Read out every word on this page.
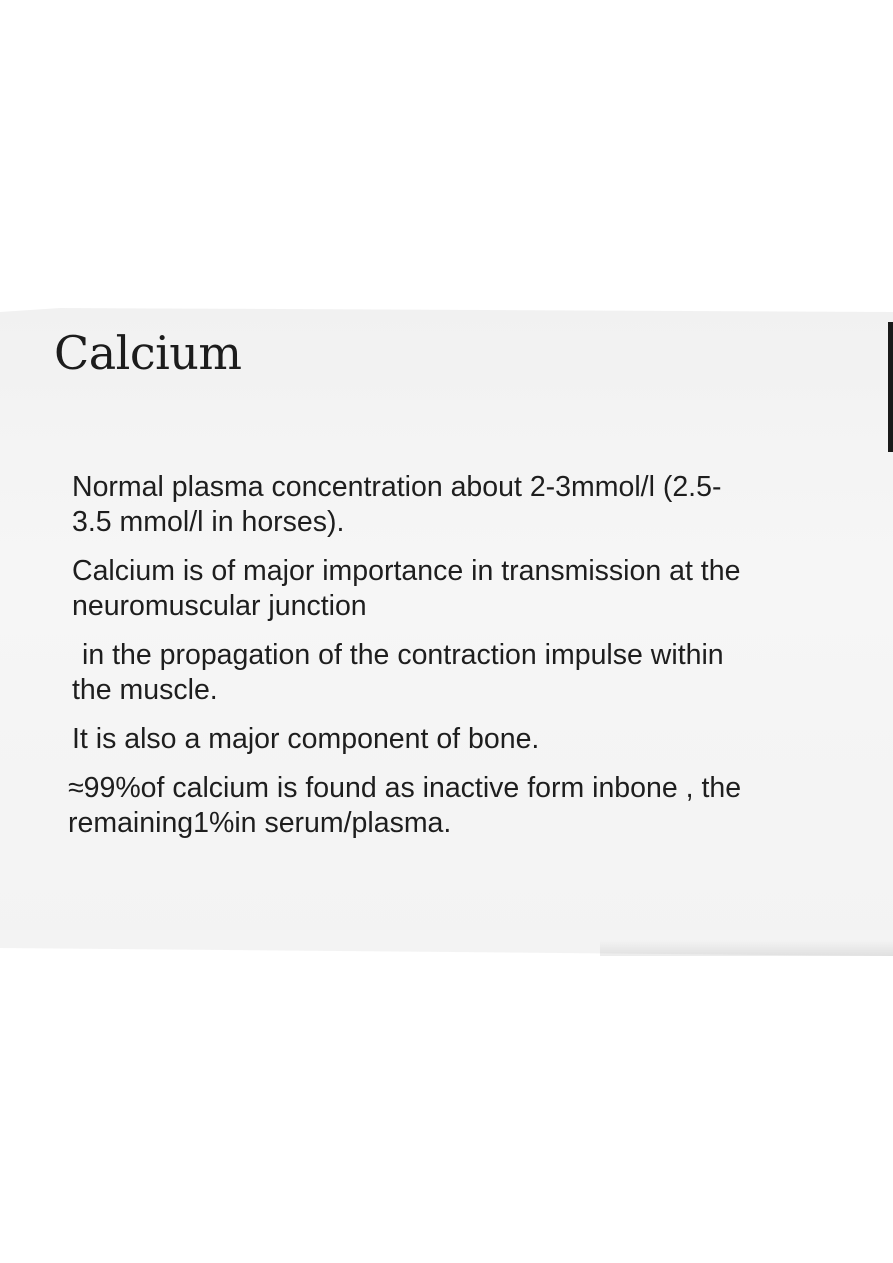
Calcium

Normal plasma concentration about 2-3mmol/l (2.5-
3.5 mmol/l in horses).

Calcium is of major importance in transmission at the
neuromuscular junction

in the propagation of the contraction impulse within
the muscle.

It is also a major component of bone.

≈99%of calcium is found as inactive form inbone , the
remaining1%in serum/plasma.
